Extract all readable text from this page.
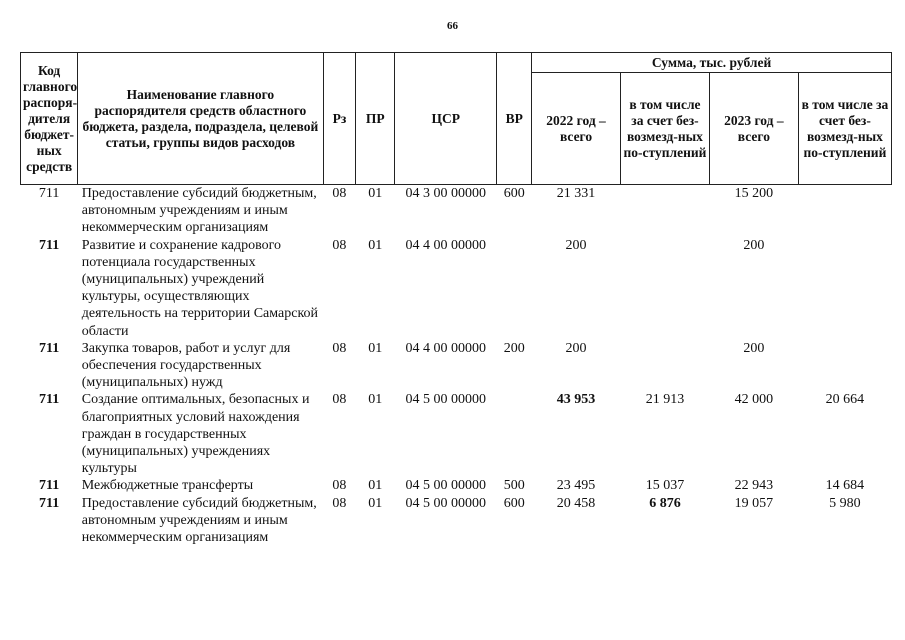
66
Код главного распоря-дителя бюджет-ных средств	Наименование главного распорядителя средств областного бюджета, раздела, подраздела, целевой статьи, группы видов расходов	Рз	ПР	ЦСР	ВР	Сумма, тыс. рублей			
						2022 год – всего	в том числе за счет без-возмезд-ных по-ступлений	2023 год – всего	в том числе за счет без-возмезд-ных по-ступлений
711	Предоставление субсидий бюджетным, автономным учреждениям и иным некоммерческим организациям	08	01	04 3 00 00000	600	21 331		15 200	
711	Развитие и сохранение кадрового потенциала государственных (муниципальных) учреждений культуры, осуществляющих деятельность на территории Самарской области	08	01	04 4 00 00000		200		200	
711	Закупка товаров, работ и услуг для обеспечения государственных (муниципальных) нужд	08	01	04 4 00 00000	200	200		200	
711	Создание оптимальных, безопасных и благоприятных условий нахождения граждан в государственных (муниципальных) учреждениях культуры	08	01	04 5 00 00000		43 953	21 913	42 000	20 664
711	Межбюджетные трансферты	08	01	04 5 00 00000	500	23 495	15 037	22 943	14 684
711	Предоставление субсидий бюджетным, автономным учреждениям и иным некоммерческим организациям	08	01	04 5 00 00000	600	20 458	6 876	19 057	5 980
